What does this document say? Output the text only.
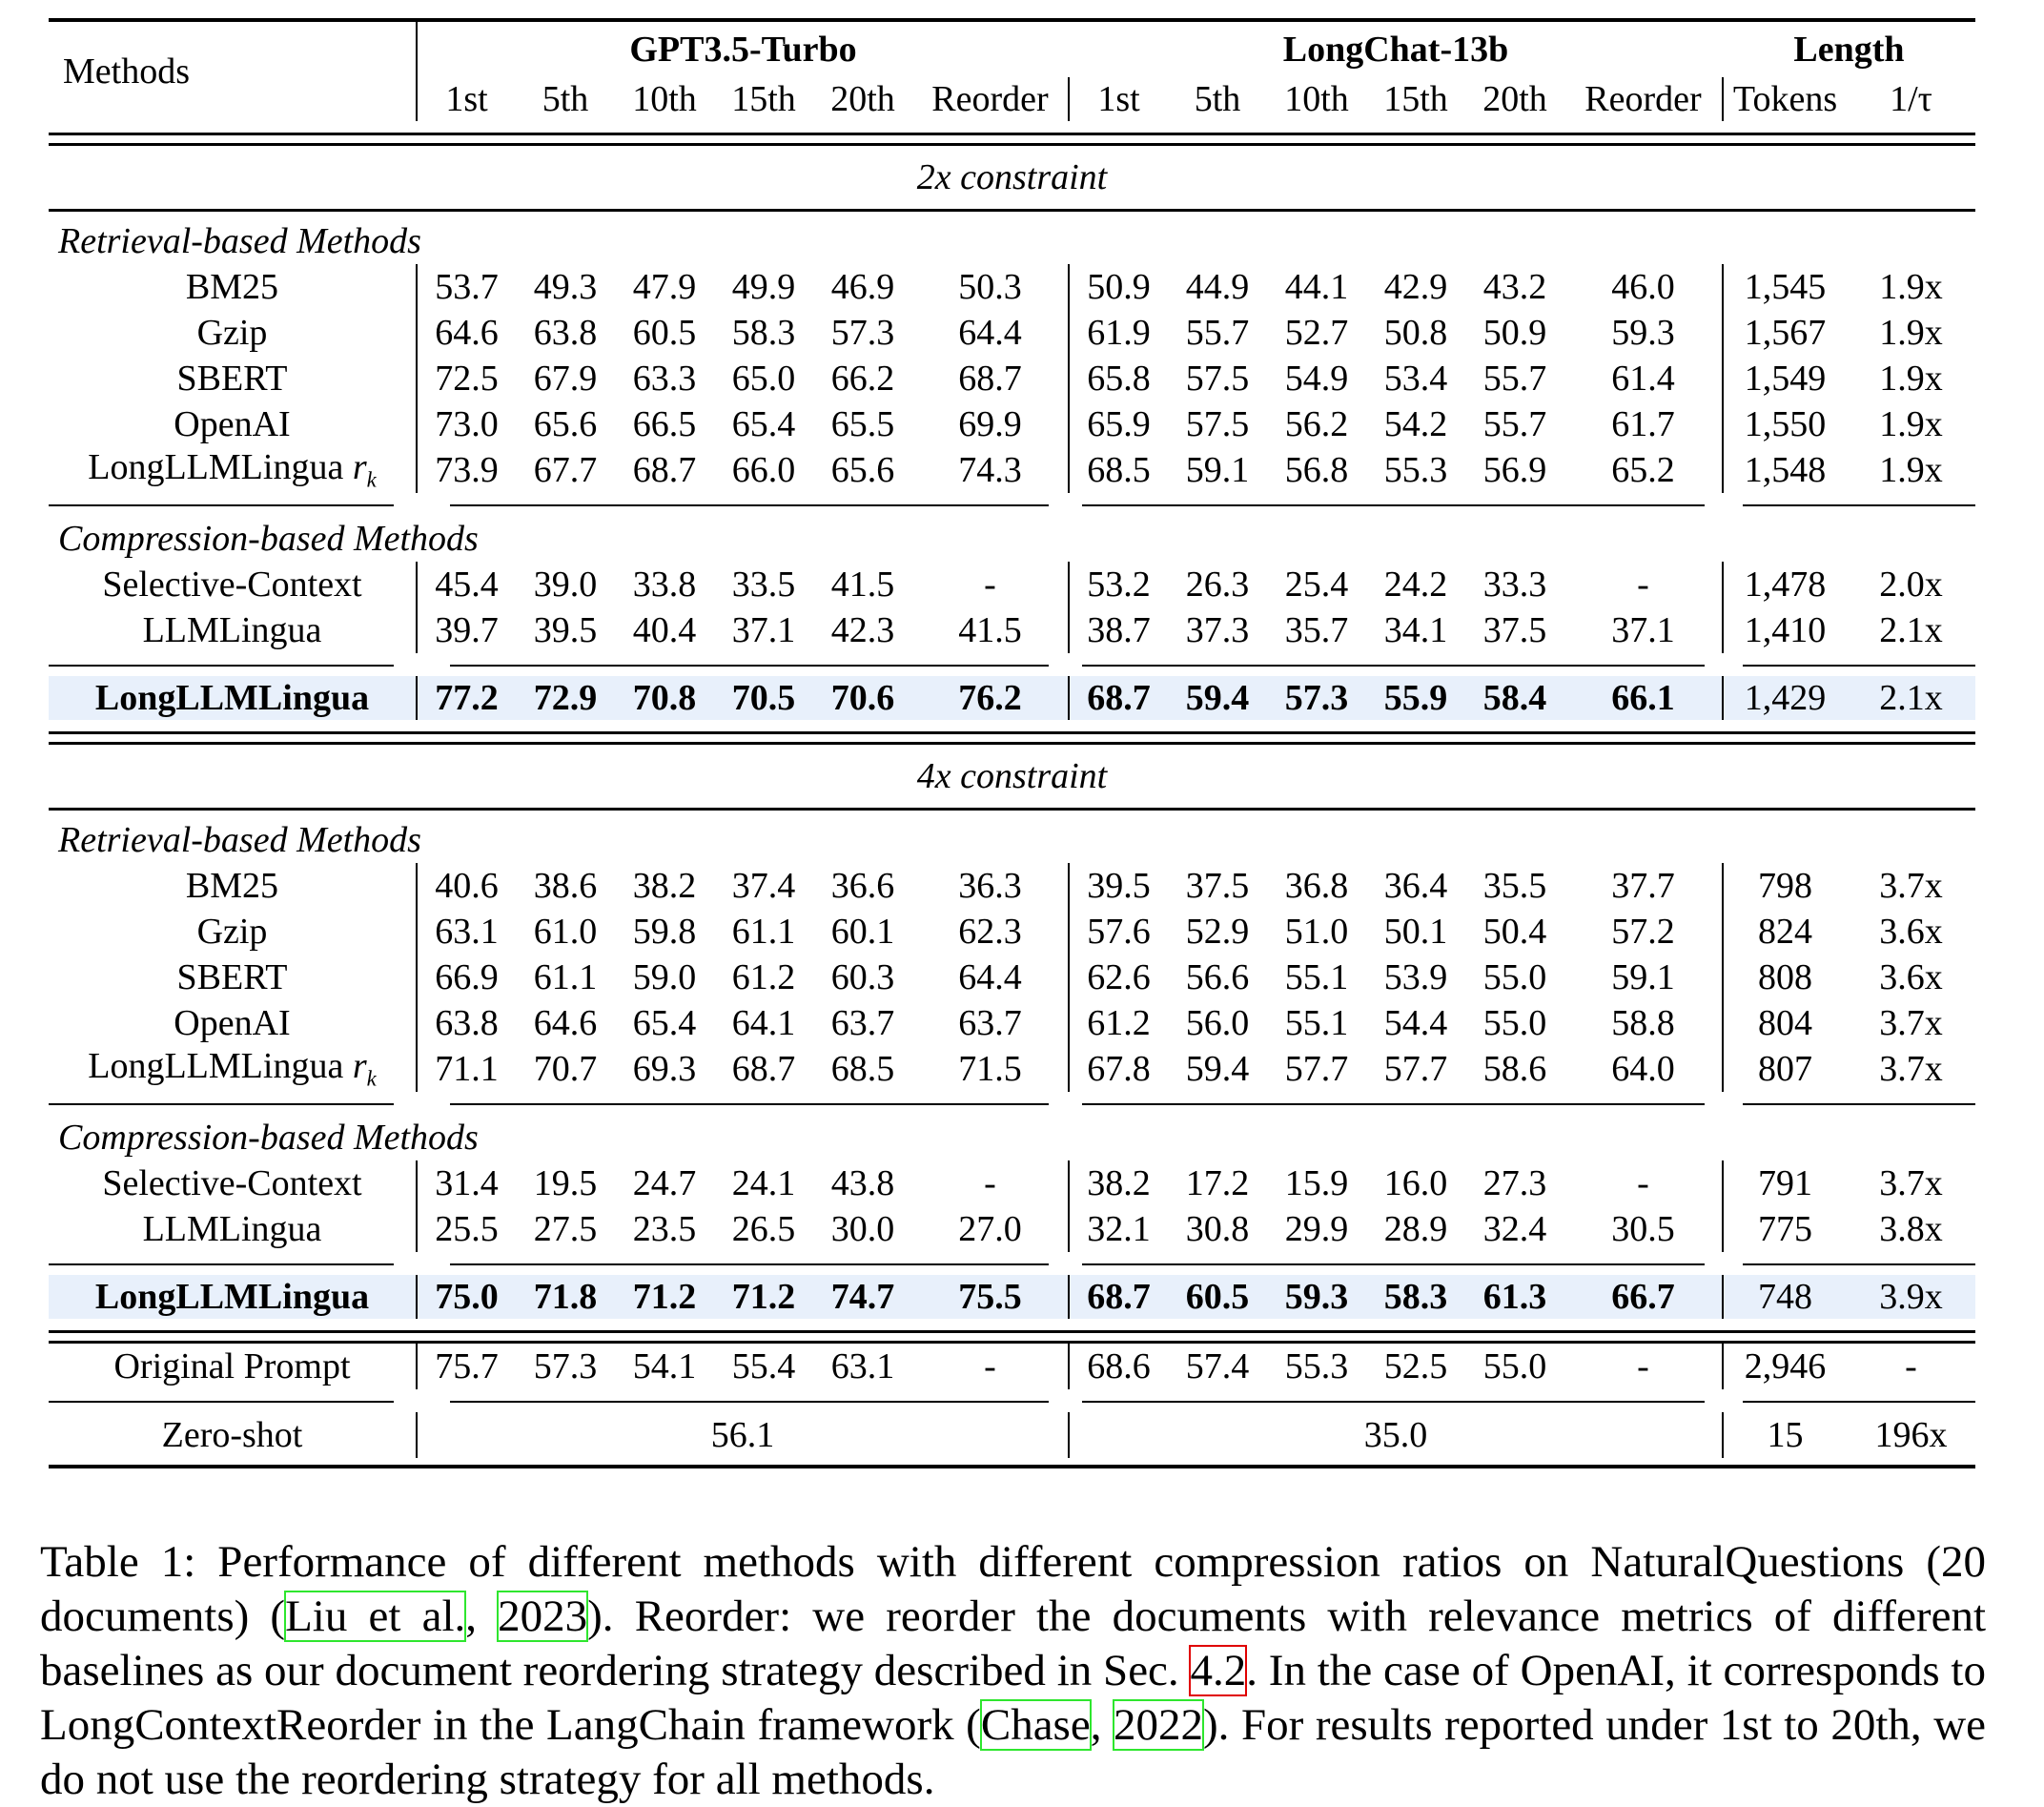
Methods	GPT3.5-Turbo						LongChat-13b						Length	
	1st	5th	10th	15th	20th	Reorder	1st	5th	10th	15th	20th	Reorder	Tokens	1/τ

2x constraint														

Retrieval-based Methods														
BM25	53.7	49.3	47.9	49.9	46.9	50.3	50.9	44.9	44.1	42.9	43.2	46.0	1,545	1.9x
Gzip	64.6	63.8	60.5	58.3	57.3	64.4	61.9	55.7	52.7	50.8	50.9	59.3	1,567	1.9x
SBERT	72.5	67.9	63.3	65.0	66.2	68.7	65.8	57.5	54.9	53.4	55.7	61.4	1,549	1.9x
OpenAI	73.0	65.6	66.5	65.4	65.5	69.9	65.9	57.5	56.2	54.2	55.7	61.7	1,550	1.9x
LongLLMLingua $r_k$	73.9	67.7	68.7	66.0	65.6	74.3	68.5	59.1	56.8	55.3	56.9	65.2	1,548	1.9x

Compression-based Methods														
Selective-Context	45.4	39.0	33.8	33.5	41.5	-	53.2	26.3	25.4	24.2	33.3	-	1,478	2.0x
LLMLingua	39.7	39.5	40.4	37.1	42.3	41.5	38.7	37.3	35.7	34.1	37.5	37.1	1,410	2.1x

LongLLMLingua	77.2	72.9	70.8	70.5	70.6	76.2	68.7	59.4	57.3	55.9	58.4	66.1	1,429	2.1x

4x constraint														

Retrieval-based Methods														
BM25	40.6	38.6	38.2	37.4	36.6	36.3	39.5	37.5	36.8	36.4	35.5	37.7	798	3.7x
Gzip	63.1	61.0	59.8	61.1	60.1	62.3	57.6	52.9	51.0	50.1	50.4	57.2	824	3.6x
SBERT	66.9	61.1	59.0	61.2	60.3	64.4	62.6	56.6	55.1	53.9	55.0	59.1	808	3.6x
OpenAI	63.8	64.6	65.4	64.1	63.7	63.7	61.2	56.0	55.1	54.4	55.0	58.8	804	3.7x
LongLLMLingua $r_k$	71.1	70.7	69.3	68.7	68.5	71.5	67.8	59.4	57.7	57.7	58.6	64.0	807	3.7x

Compression-based Methods														
Selective-Context	31.4	19.5	24.7	24.1	43.8	-	38.2	17.2	15.9	16.0	27.3	-	791	3.7x
LLMLingua	25.5	27.5	23.5	26.5	30.0	27.0	32.1	30.8	29.9	28.9	32.4	30.5	775	3.8x

LongLLMLingua	75.0	71.8	71.2	71.2	74.7	75.5	68.7	60.5	59.3	58.3	61.3	66.7	748	3.9x

Original Prompt	75.7	57.3	54.1	55.4	63.1	-	68.6	57.4	55.3	52.5	55.0	-	2,946	-

Zero-shot	56.1						35.0						15	196x

Table 1: Performance of different methods with different compression ratios on NaturalQuestions (20 documents) (Liu et al., 2023). Reorder: we reorder the documents with relevance metrics of different baselines as our document reordering strategy described in Sec. 4.2. In the case of OpenAI, it corresponds to LongContextReorder in the LangChain framework (Chase, 2022). For results reported under 1st to 20th, we do not use the reordering strategy for all methods.
